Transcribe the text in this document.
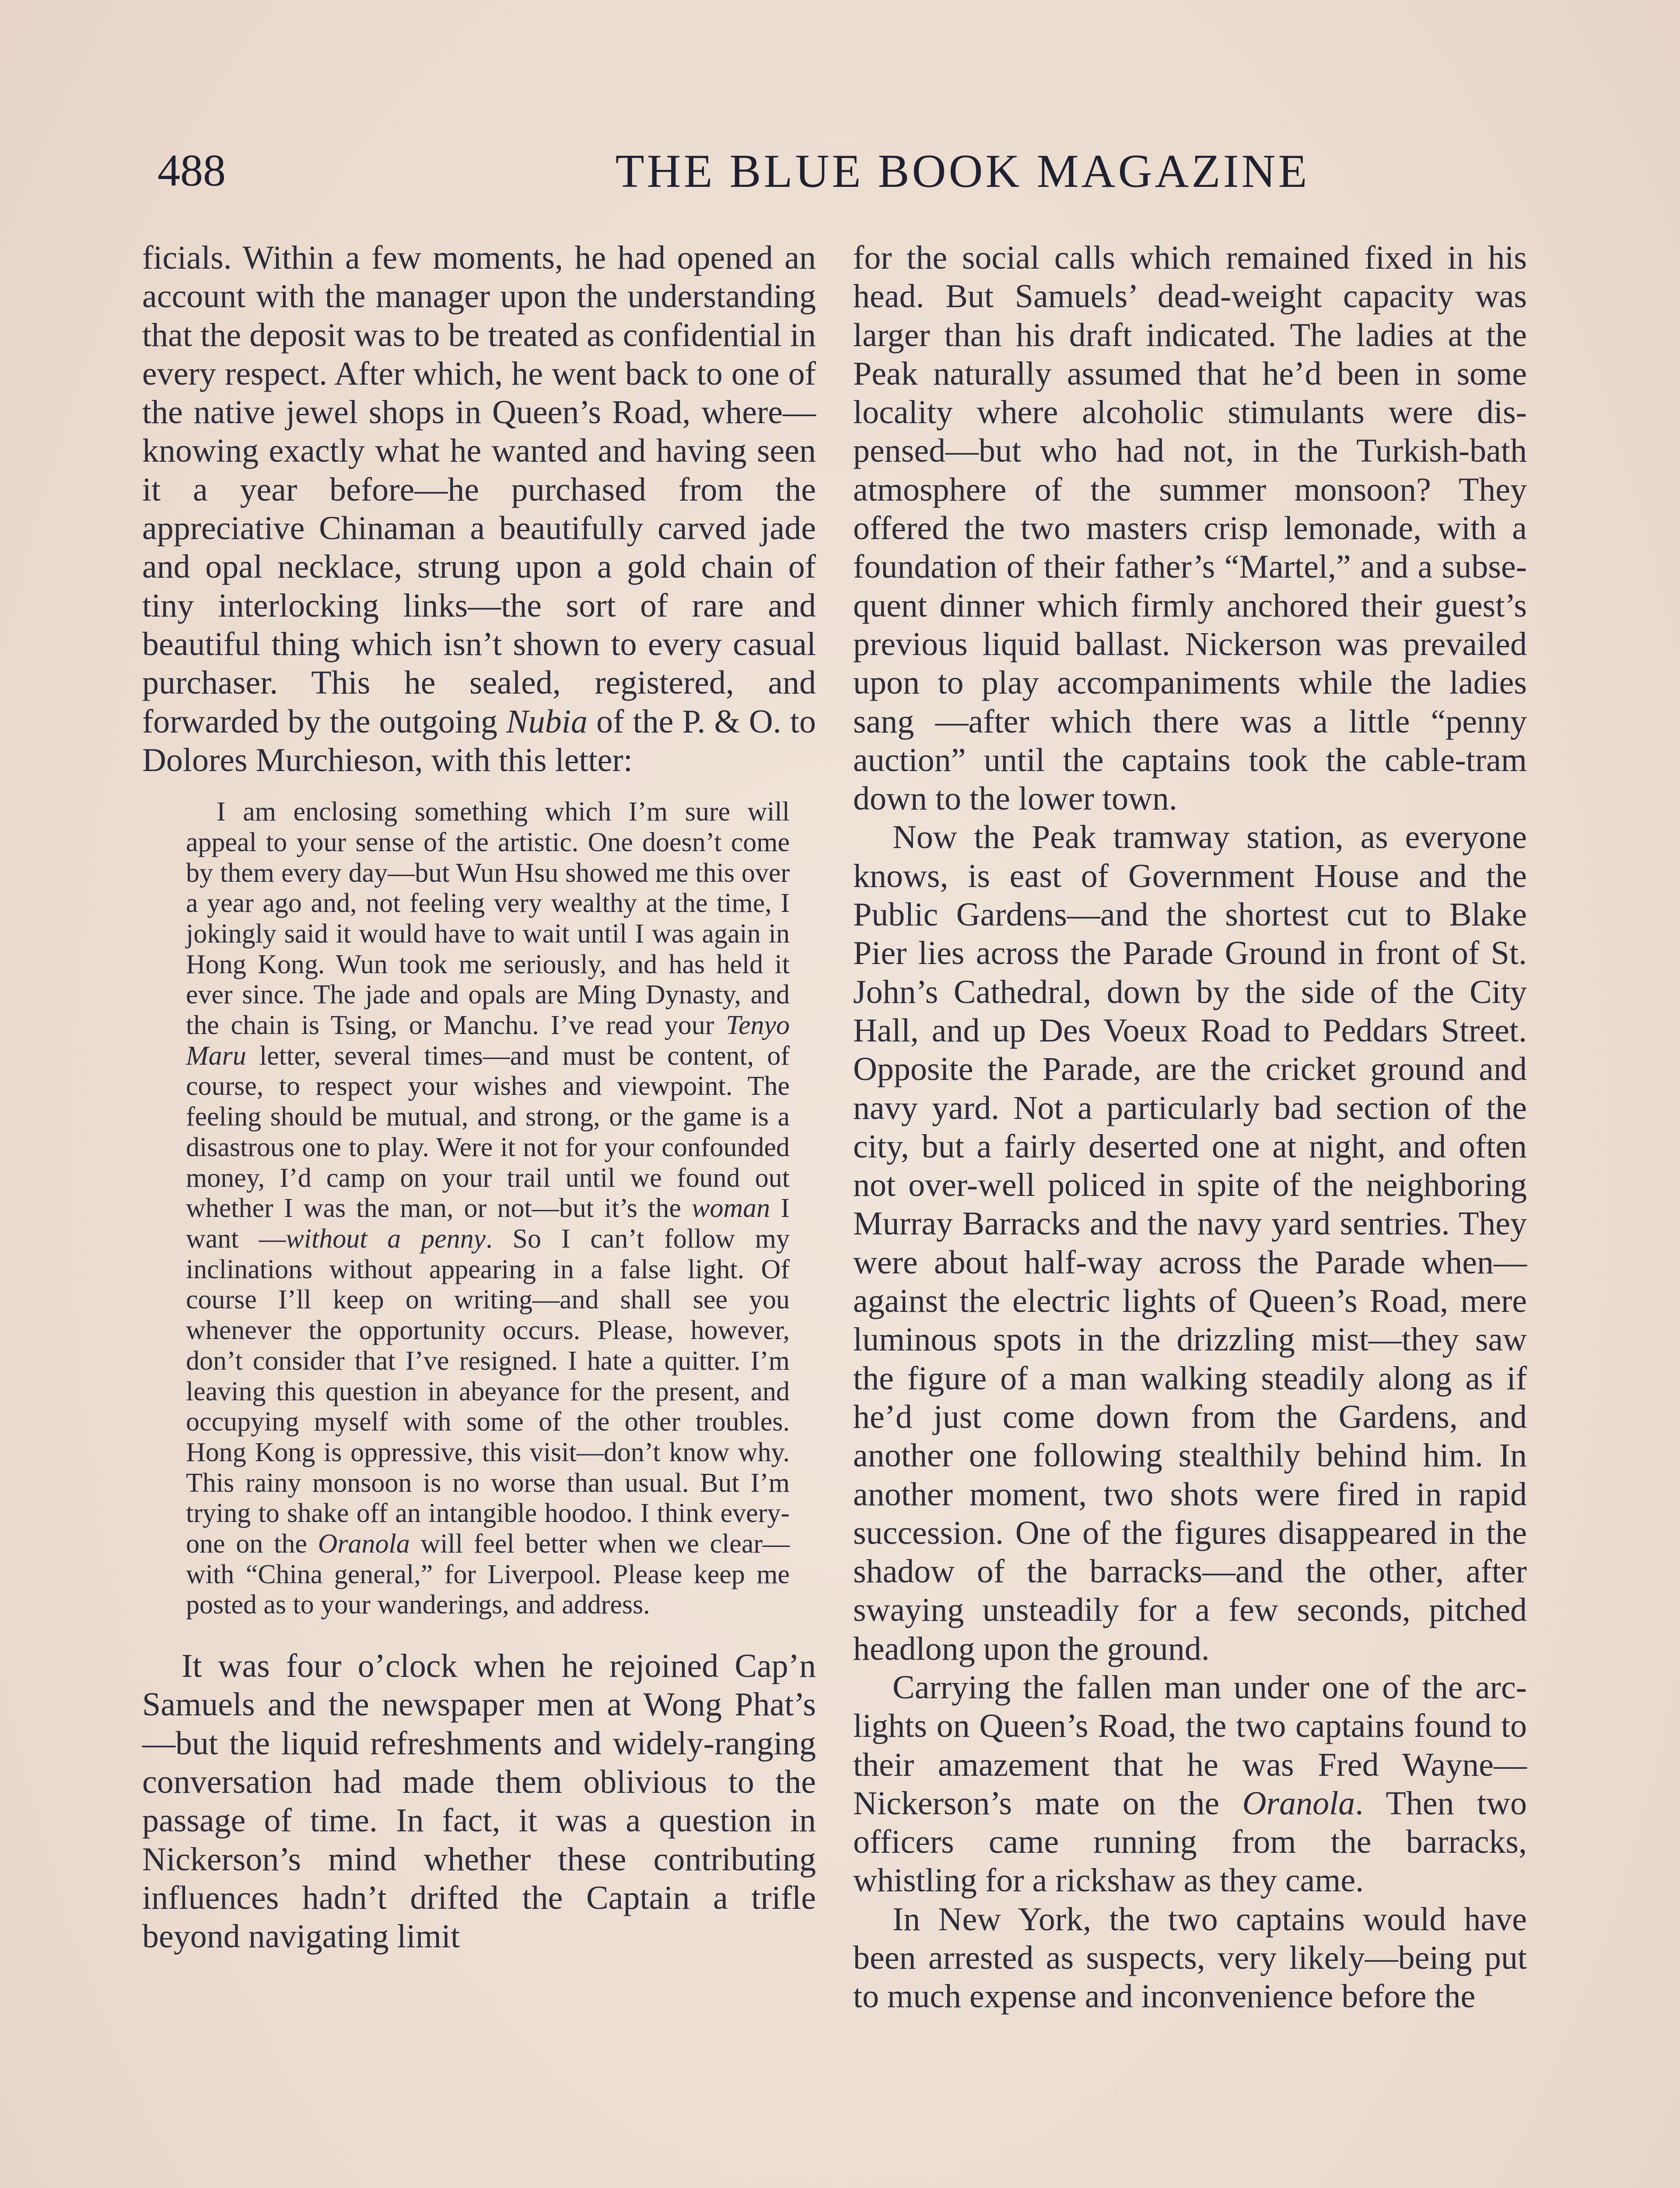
488	THE BLUE BOOK MAGAZINE

ficials. Within a few moments, he had opened an account with the manager upon the understanding that the deposit was to be treated as confidential in every respect. After which, he went back to one of the native jewel shops in Queen’s Road, where—knowing exactly what he wanted and having seen it a year before—he purchased from the appreciative Chinaman a beautifully carved jade and opal necklace, strung upon a gold chain of tiny interlocking links—the sort of rare and beautiful thing which isn’t shown to every casual purchaser. This he sealed, registered, and forwarded by the outgoing Nubia of the P. & O. to Dolores Murchieson, with this letter:

I am enclosing something which I’m sure will appeal to your sense of the artistic. One doesn’t come by them every day—but Wun Hsu showed me this over a year ago and, not feeling very wealthy at the time, I jokingly said it would have to wait until I was again in Hong Kong. Wun took me seriously, and has held it ever since. The jade and opals are Ming Dynasty, and the chain is Tsing, or Manchu. I’ve read your Tenyo Maru letter, several times—and must be content, of course, to respect your wishes and viewpoint. The feeling should be mutual, and strong, or the game is a disastrous one to play. Were it not for your confounded money, I’d camp on your trail until we found out whether I was the man, or not—but it’s the woman I want —without a penny. So I can’t follow my inclinations without appearing in a false light. Of course I’ll keep on writing—and shall see you whenever the opportunity occurs. Please, however, don’t consider that I’ve resigned. I hate a quitter. I’m leaving this question in abeyance for the present, and occupying myself with some of the other troubles. Hong Kong is oppressive, this visit—don’t know why. This rainy monsoon is no worse than usual. But I’m trying to shake off an intangible hoodoo. I think everyone on the Oranola will feel better when we clear—with “China general,” for Liverpool. Please keep me posted as to your wanderings, and address.

It was four o’clock when he rejoined Cap’n Samuels and the newspaper men at Wong Phat’s—but the liquid refreshments and widely-ranging conversation had made them oblivious to the passage of time. In fact, it was a question in Nickerson’s mind whether these contributing influences hadn’t drifted the Captain a trifle beyond navigating limit

for the social calls which remained fixed in his head. But Samuels’ dead-weight capacity was larger than his draft indicated. The ladies at the Peak naturally assumed that he’d been in some locality where alcoholic stimulants were dispensed—but who had not, in the Turkish-bath atmosphere of the summer monsoon? They offered the two masters crisp lemonade, with a foundation of their father’s “Martel,” and a subsequent dinner which firmly anchored their guest’s previous liquid ballast. Nickerson was prevailed upon to play accompaniments while the ladies sang —after which there was a little “penny auction” until the captains took the cable-tram down to the lower town.

Now the Peak tramway station, as everyone knows, is east of Government House and the Public Gardens—and the shortest cut to Blake Pier lies across the Parade Ground in front of St. John’s Cathedral, down by the side of the City Hall, and up Des Voeux Road to Peddars Street. Opposite the Parade, are the cricket ground and navy yard. Not a particularly bad section of the city, but a fairly deserted one at night, and often not over-well policed in spite of the neighboring Murray Barracks and the navy yard sentries. They were about half-way across the Parade when—against the electric lights of Queen’s Road, mere luminous spots in the drizzling mist—they saw the figure of a man walking steadily along as if he’d just come down from the Gardens, and another one following stealthily behind him. In another moment, two shots were fired in rapid succession. One of the figures disappeared in the shadow of the barracks—and the other, after swaying unsteadily for a few seconds, pitched headlong upon the ground.

Carrying the fallen man under one of the arc-lights on Queen’s Road, the two captains found to their amazement that he was Fred Wayne—Nickerson’s mate on the Oranola. Then two officers came running from the barracks, whistling for a rickshaw as they came.

In New York, the two captains would have been arrested as suspects, very likely—being put to much expense and inconvenience before the
